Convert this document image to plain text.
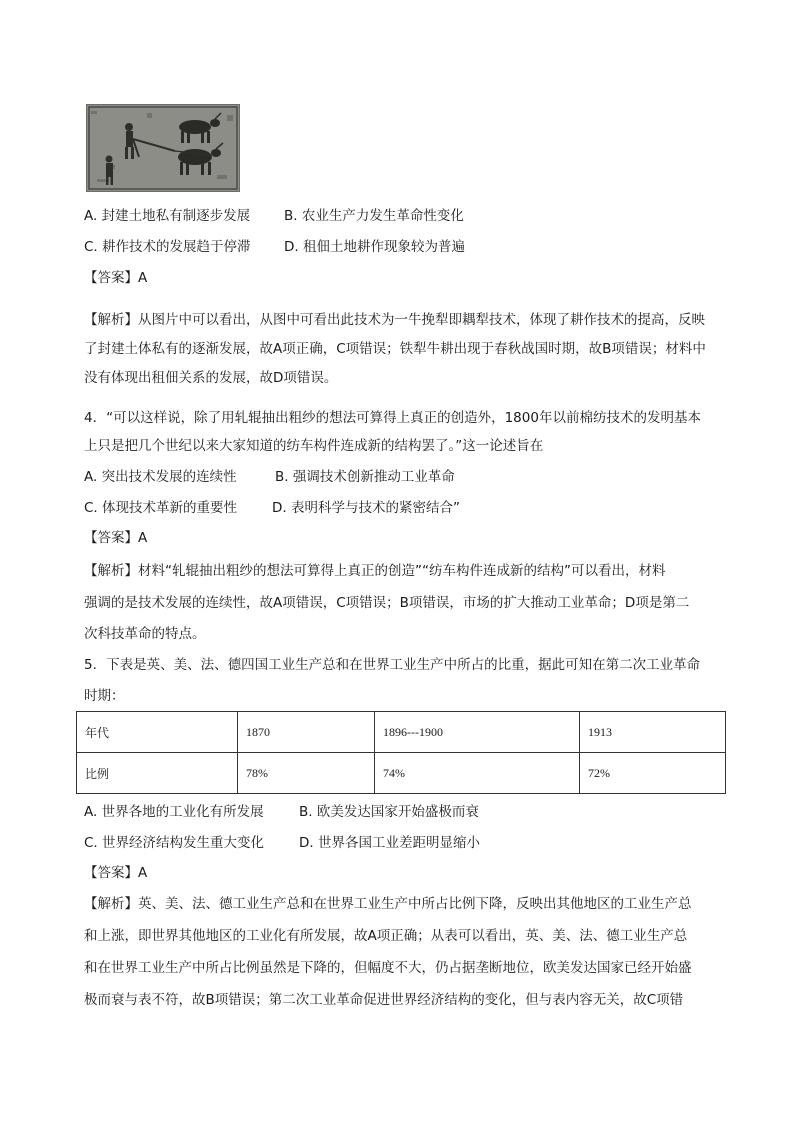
A. 封建土地私有制逐步发展	B. 农业生产力发生革命性变化
C. 耕作技术的发展趋于停滞 D. 租佃土地耕作现象较为普遍
【答案】A
【解析】从图片中可以看出，从图中可看出此技术为一牛挽犁即耦犁技术，体现了耕作技术的提高，反映
了封建土体私有的逐渐发展，故A项正确，C项错误；铁犁牛耕出现于春秋战国时期，故B项错误；材料中
没有体现出租佃关系的发展，故D项错误。
4．“可以这样说，除了用轧辊抽出粗纱的想法可算得上真正的创造外，1800年以前棉纺技术的发明基本
上只是把几个世纪以来大家知道的纺车构件连成新的结构罢了。”这一论述旨在
A. 突出技术发展的连续性	B. 强调技术创新推动工业革命
C. 体现技术革新的重要性	D. 表明科学与技术的紧密结合”
【答案】A
【解析】材料“轧辊抽出粗纱的想法可算得上真正的创造”“纺车构件连成新的结构”可以看出，材料
强调的是技术发展的连续性，故A项错误，C项错误；B项错误，市场的扩大推动工业革命；D项是第二
次科技革命的特点。
5．下表是英、美、法、德四国工业生产总和在世界工业生产中所占的比重，据此可知在第二次工业革命
时期：
年代	1870	1896---1900	1913
比例	78%	74%	72%
A. 世界各地的工业化有所发展	B. 欧美发达国家开始盛极而衰
C. 世界经济结构发生重大变化	D. 世界各国工业差距明显缩小
【答案】A
【解析】英、美、法、德工业生产总和在世界工业生产中所占比例下降，反映出其他地区的工业生产总
和上涨，即世界其他地区的工业化有所发展，故A项正确；从表可以看出，英、美、法、德工业生产总
和在世界工业生产中所占比例虽然是下降的，但幅度不大，仍占据垄断地位，欧美发达国家已经开始盛
极而衰与表不符，故B项错误；第二次工业革命促进世界经济结构的变化，但与表内容无关，故C项错
